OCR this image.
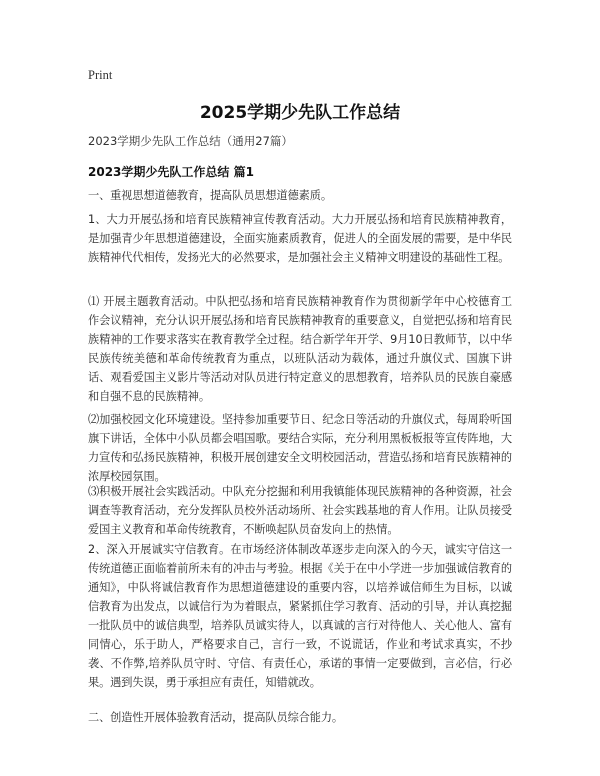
Print
2025学期少先队工作总结
2023学期少先队工作总结（通用27篇）
2023学期少先队工作总结 篇1

一、重视思想道德教育，提高队员思想道德素质。

1、大力开展弘扬和培育民族精神宣传教育活动。大力开展弘扬和培育民族精神教育，是加强青少年思想道德建设，全面实施素质教育，促进人的全面发展的需要，是中华民族精神代代相传，发扬光大的必然要求，是加强社会主义精神文明建设的基础性工程。

⑴ 开展主题教育活动。中队把弘扬和培育民族精神教育作为贯彻新学年中心校德育工作会议精神，充分认识开展弘扬和培育民族精神教育的重要意义，自觉把弘扬和培育民族精神的工作要求落实在教育教学全过程。结合新学年开学、9月10日教师节，以中华民族传统美德和革命传统教育为重点，以班队活动为载体，通过升旗仪式、国旗下讲话、观看爱国主义影片等活动对队员进行特定意义的思想教育，培养队员的民族自豪感和自强不息的民族精神。

⑵加强校园文化环境建设。坚持参加重要节日、纪念日等活动的升旗仪式，每周聆听国旗下讲话，全体中小队员都会唱国歌。要结合实际，充分利用黑板板报等宣传阵地，大力宣传和弘扬民族精神，积极开展创建安全文明校园活动，营造弘扬和培育民族精神的浓厚校园氛围。

⑶积极开展社会实践活动。中队充分挖掘和利用我镇能体现民族精神的各种资源，社会调查等教育活动，充分发挥队员校外活动场所、社会实践基地的育人作用。让队员接受爱国主义教育和革命传统教育，不断唤起队员奋发向上的热情。

2、深入开展诚实守信教育。在市场经济体制改革逐步走向深入的今天，诚实守信这一传统道德正面临着前所未有的冲击与考验。根据《关于在中小学进一步加强诚信教育的通知》，中队将诚信教育作为思想道德建设的重要内容，以培养诚信师生为目标，以诚信教育为出发点，以诚信行为为着眼点，紧紧抓住学习教育、活动的引导，并认真挖掘一批队员中的诚信典型，培养队员诚实待人，以真诚的言行对待他人、关心他人、富有同情心，乐于助人，严格要求自己，言行一致，不说谎话，作业和考试求真实，不抄袭、不作弊,培养队员守时、守信、有责任心，承诺的事情一定要做到，言必信，行必果。遇到失误，勇于承担应有责任，知错就改。

二、创造性开展体验教育活动，提高队员综合能力。
